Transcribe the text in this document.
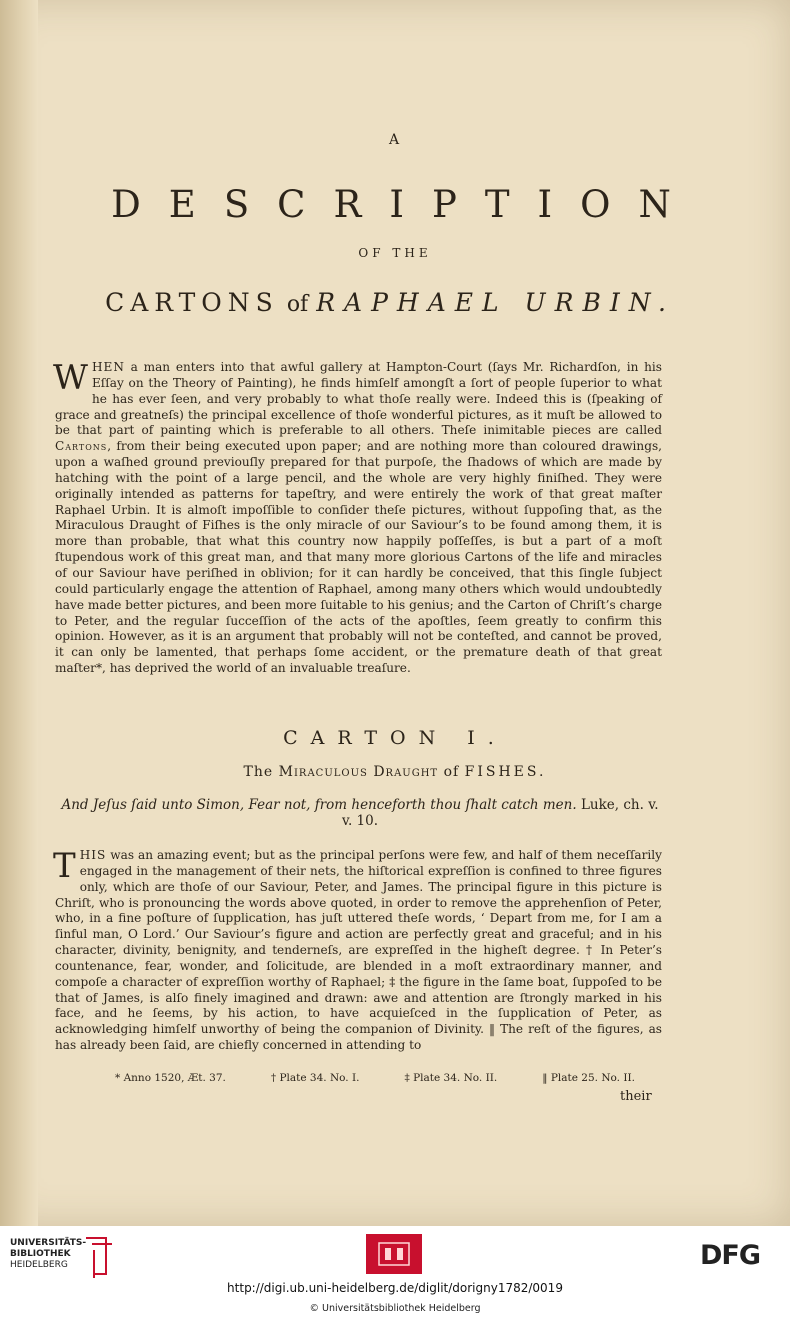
A
DESCRIPTION
OF THE
CARTONS of RAPHAEL URBIN.

WHEN a man enters into that awful gallery at Hampton-Court (ſays Mr. Richardſon, in his Eſſay on the Theory of Painting), he finds himſelf amongſt a ſort of people ſuperior to what he has ever ſeen, and very probably to what thoſe really were. Indeed this is (ſpeaking of grace and greatneſs) the principal excellence of thoſe wonderful pictures, as it muſt be allowed to be that part of painting which is preferable to all others. Theſe inimitable pieces are called Cartons, from their being executed upon paper; and are nothing more than coloured drawings, upon a waſhed ground previouſly prepared for that purpoſe, the ſhadows of which are made by hatching with the point of a large pencil, and the whole are very highly finiſhed. They were originally intended as patterns for tapeſtry, and were entirely the work of that great maſter Raphael Urbin. It is almoſt impoſſible to conſider theſe pictures, without ſuppoſing that, as the Miraculous Draught of Fiſhes is the only miracle of our Saviour’s to be found among them, it is more than probable, that what this country now happily poſſeſſes, is but a part of a moſt ſtupendous work of this great man, and that many more glorious Cartons of the life and miracles of our Saviour have periſhed in oblivion; for it can hardly be conceived, that this ſingle ſubject could particularly engage the attention of Raphael, among many others which would undoubtedly have made better pictures, and been more ſuitable to his genius; and the Carton of Chriſt’s charge to Peter, and the regular ſucceſſion of the acts of the apoſtles, ſeem greatly to confirm this opinion. However, as it is an argument that probably will not be conteſted, and cannot be proved, it can only be lamented, that perhaps ſome accident, or the premature death of that great maſter*, has deprived the world of an invaluable treaſure.

CARTON I.
The Miraculous Draught of FISHES.
And Jeſus ſaid unto Simon, Fear not, from henceforth thou ſhalt catch men. Luke, ch. v. v. 10.

THIS was an amazing event; but as the principal perſons were few, and half of them neceſſarily engaged in the management of their nets, the hiſtorical expreſſion is confined to three figures only, which are thoſe of our Saviour, Peter, and James. The principal figure in this picture is Chriſt, who is pronouncing the words above quoted, in order to remove the apprehenſion of Peter, who, in a fine poſture of ſupplication, has juſt uttered theſe words, ‘ Depart from me, for I am a ſinful man, O Lord.’ Our Saviour’s figure and action are perfectly great and graceful; and in his character, divinity, benignity, and tenderneſs, are expreſſed in the higheſt degree. † In Peter’s countenance, fear, wonder, and ſolicitude, are blended in a moſt extraordinary manner, and compoſe a character of expreſſion worthy of Raphael; ‡ the figure in the ſame boat, ſuppoſed to be that of James, is alſo finely imagined and drawn: awe and attention are ſtrongly marked in his face, and he ſeems, by his action, to have acquieſced in the ſupplication of Peter, as acknowledging himſelf unworthy of being the companion of Divinity. ‖ The reſt of the figures, as has already been ſaid, are chiefly concerned in attending to

* Anno 1520, Æt. 37.	† Plate 34. No. I.	‡ Plate 34. No. II.	‖ Plate 25. No. II.
their
UNIVERSITÄTS-
BIBLIOTHEK
HEIDELBERG	DFG
http://digi.ub.uni-heidelberg.de/diglit/dorigny1782/0019
© Universitätsbibliothek Heidelberg
